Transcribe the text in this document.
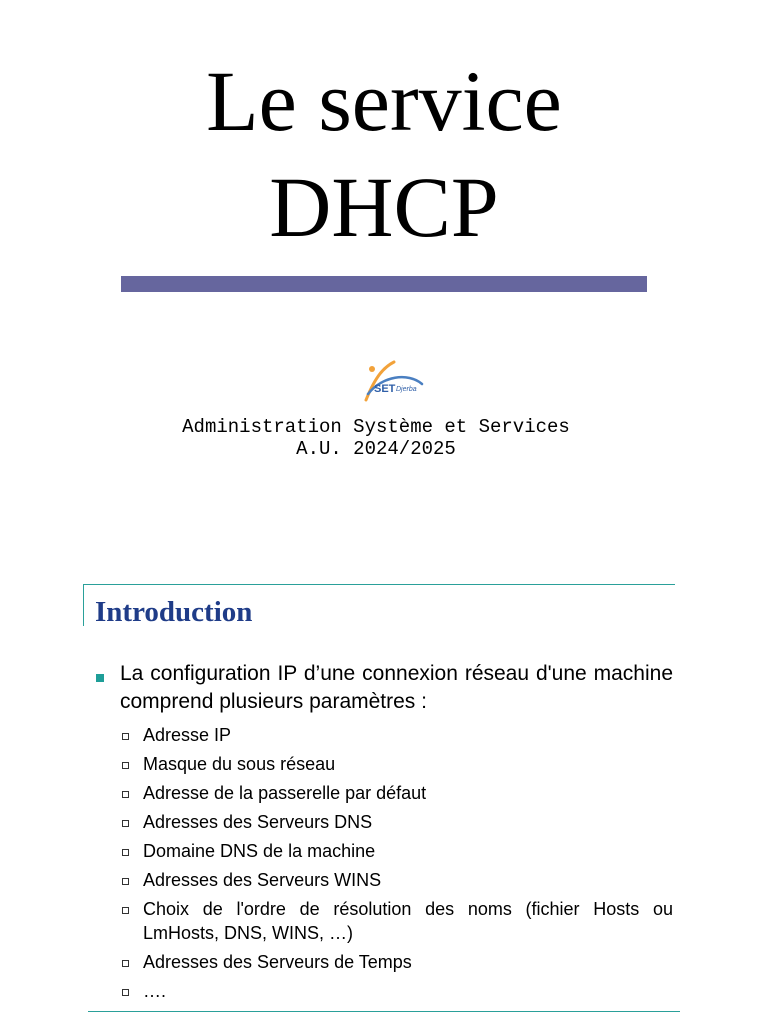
Le service
DHCP
SET Djerba
Administration Système et Services
A.U. 2024/2025
Introduction
La configuration IP d’une connexion réseau d'une machine comprend plusieurs paramètres :
Adresse IP
Masque du sous réseau
Adresse de la passerelle par défaut
Adresses des Serveurs DNS
Domaine DNS de la machine
Adresses des Serveurs WINS
Choix de l'ordre de résolution des noms (fichier Hosts ou LmHosts, DNS, WINS, …)
Adresses des Serveurs de Temps
….
